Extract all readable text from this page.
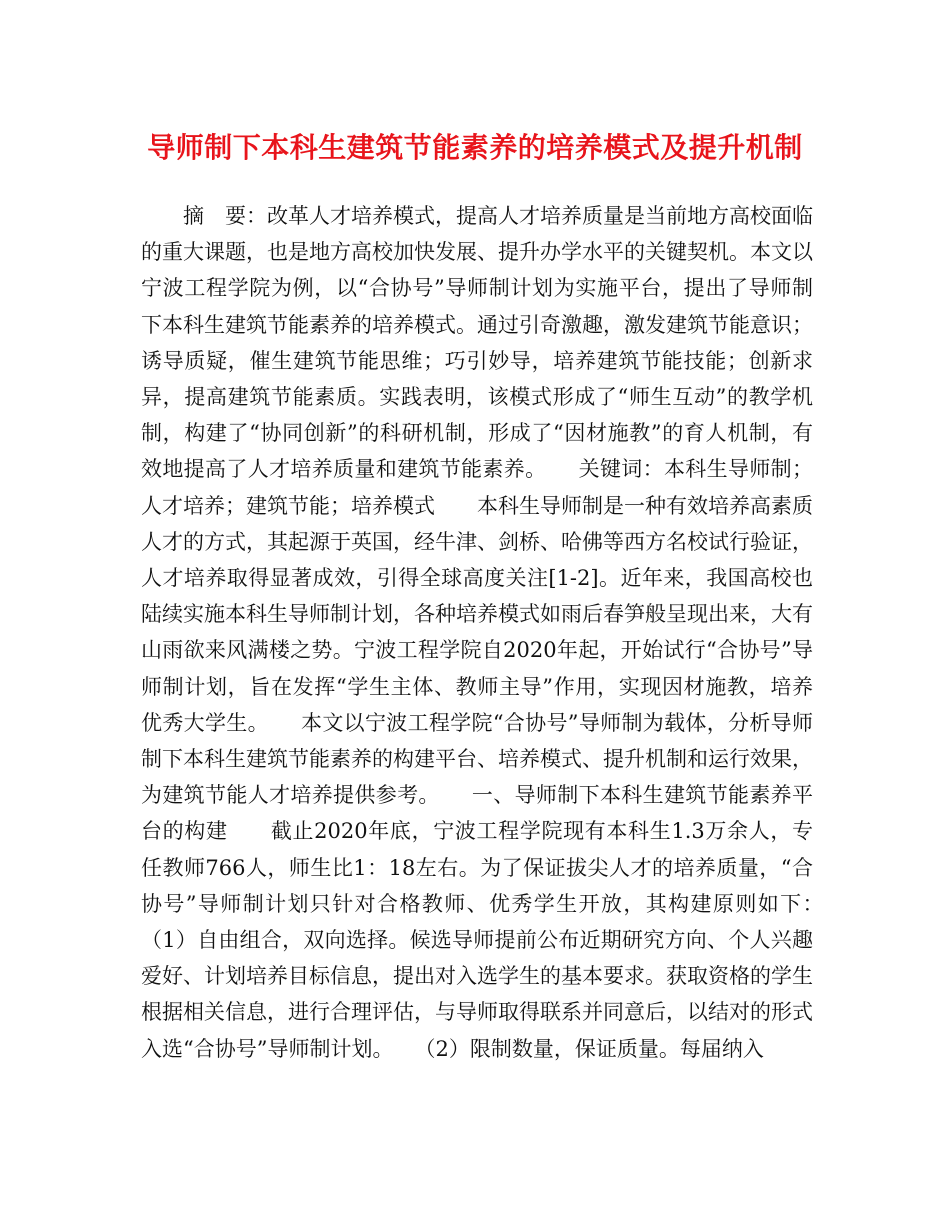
导师制下本科生建筑节能素养的培养模式及提升机制

摘　要：改革人才培养模式，提高人才培养质量是当前地方高校面临的重大课题，也是地方高校加快发展、提升办学水平的关键契机。本文以宁波工程学院为例，以“合协号”导师制计划为实施平台，提出了导师制下本科生建筑节能素养的培养模式。通过引奇激趣，激发建筑节能意识；诱导质疑，催生建筑节能思维；巧引妙导，培养建筑节能技能；创新求异，提高建筑节能素质。实践表明，该模式形成了“师生互动”的教学机制，构建了“协同创新”的科研机制，形成了“因材施教”的育人机制，有效地提高了人才培养质量和建筑节能素养。　　关键词：本科生导师制；人才培养；建筑节能；培养模式　　本科生导师制是一种有效培养高素质人才的方式，其起源于英国，经牛津、剑桥、哈佛等西方名校试行验证，人才培养取得显著成效，引得全球高度关注[1-2]。近年来，我国高校也陆续实施本科生导师制计划，各种培养模式如雨后春笋般呈现出来，大有山雨欲来风满楼之势。宁波工程学院自2020年起，开始试行“合协号”导师制计划，旨在发挥“学生主体、教师主导”作用，实现因材施教，培养优秀大学生。　　本文以宁波工程学院“合协号”导师制为载体，分析导师制下本科生建筑节能素养的构建平台、培养模式、提升机制和运行效果，为建筑节能人才培养提供参考。　　一、导师制下本科生建筑节能素养平台的构建　　截止2020年底，宁波工程学院现有本科生1.3万余人，专任教师766人，师生比1：18左右。为了保证拔尖人才的培养质量，“合协号”导师制计划只针对合格教师、优秀学生开放，其构建原则如下：　　（1）自由组合，双向选择。候选导师提前公布近期研究方向、个人兴趣爱好、计划培养目标信息，提出对入选学生的基本要求。获取资格的学生根据相关信息，进行合理评估，与导师取得联系并同意后，以结对的形式入选“合协号”导师制计划。　　（2）限制数量，保证质量。每届纳入
